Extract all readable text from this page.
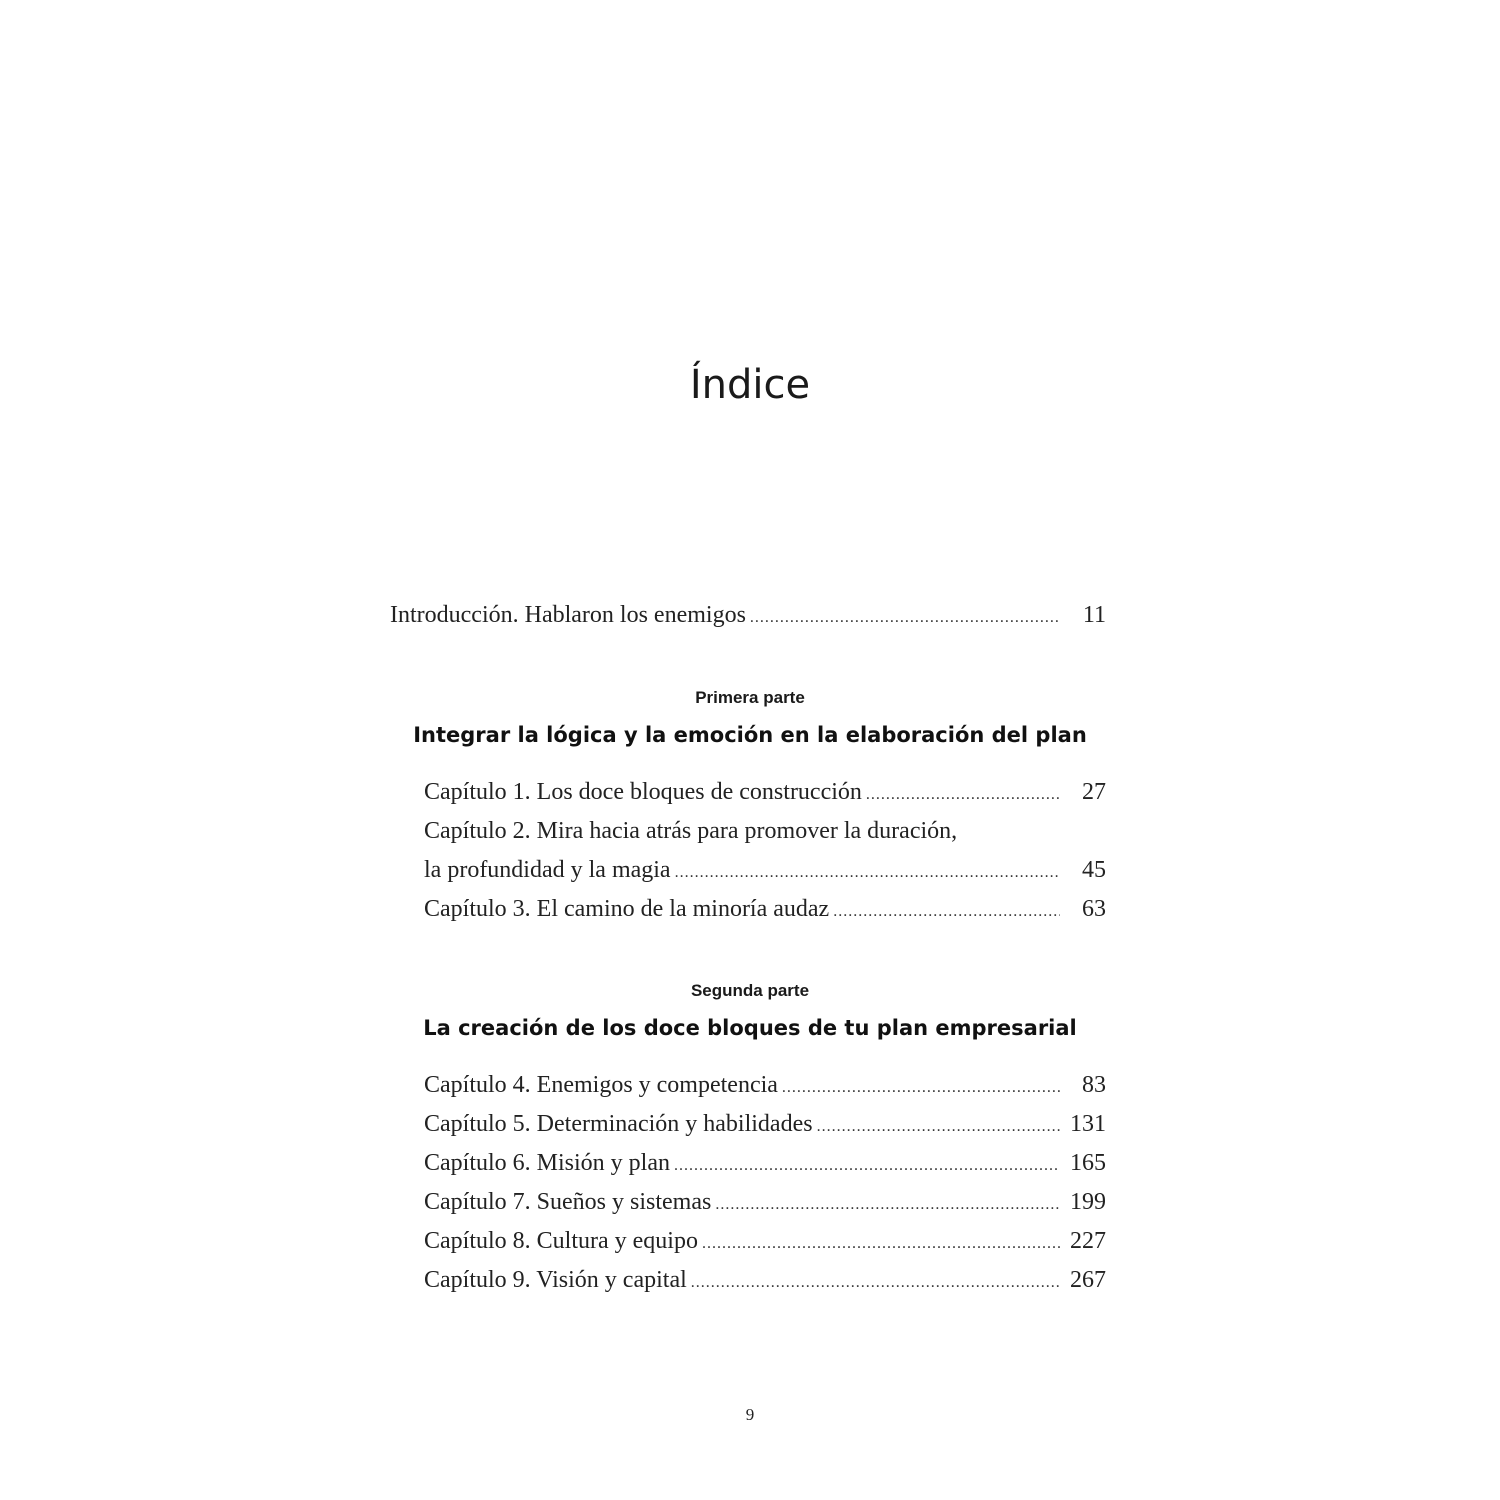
Índice
Introducción. Hablaron los enemigos .....	11
Primera parte
Integrar la lógica y la emoción en la elaboración del plan
Capítulo 1. Los doce bloques de construcción .....	27
Capítulo 2. Mira hacia atrás para promover la duración,
la profundidad y la magia .....	45
Capítulo 3. El camino de la minoría audaz .....	63
Segunda parte
La creación de los doce bloques de tu plan empresarial
Capítulo 4. Enemigos y competencia .....	83
Capítulo 5. Determinación y habilidades .....	131
Capítulo 6. Misión y plan .....	165
Capítulo 7. Sueños y sistemas .....	199
Capítulo 8. Cultura y equipo .....	227
Capítulo 9. Visión y capital .....	267
9
